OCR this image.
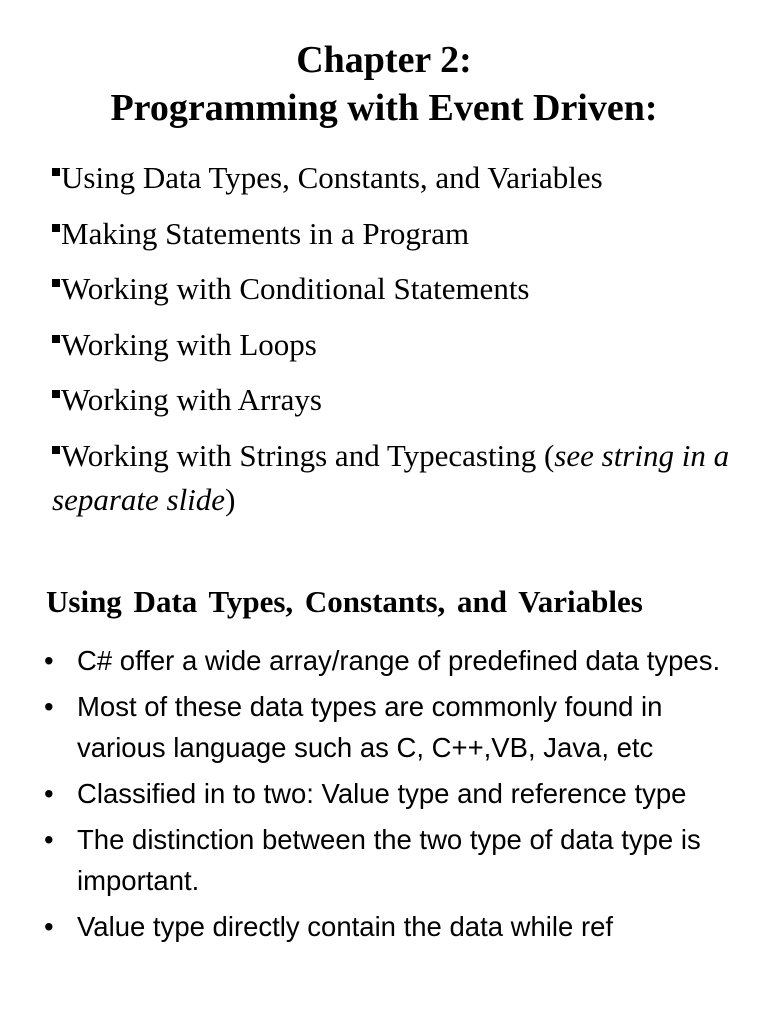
Chapter 2:
Programming with Event Driven:
Using Data Types, Constants, and Variables
Making Statements in a Program
Working with Conditional Statements
Working with Loops
Working with Arrays
Working with Strings and Typecasting (see string in a separate slide)
Using Data Types, Constants, and Variables
• C# offer a wide array/range of predefined data types.
• Most of these data types are commonly found in various language such as C, C++,VB, Java, etc
• Classified in to two: Value type and reference type
• The distinction between the two type of data type is important.
• Value type directly contain the data while ref
